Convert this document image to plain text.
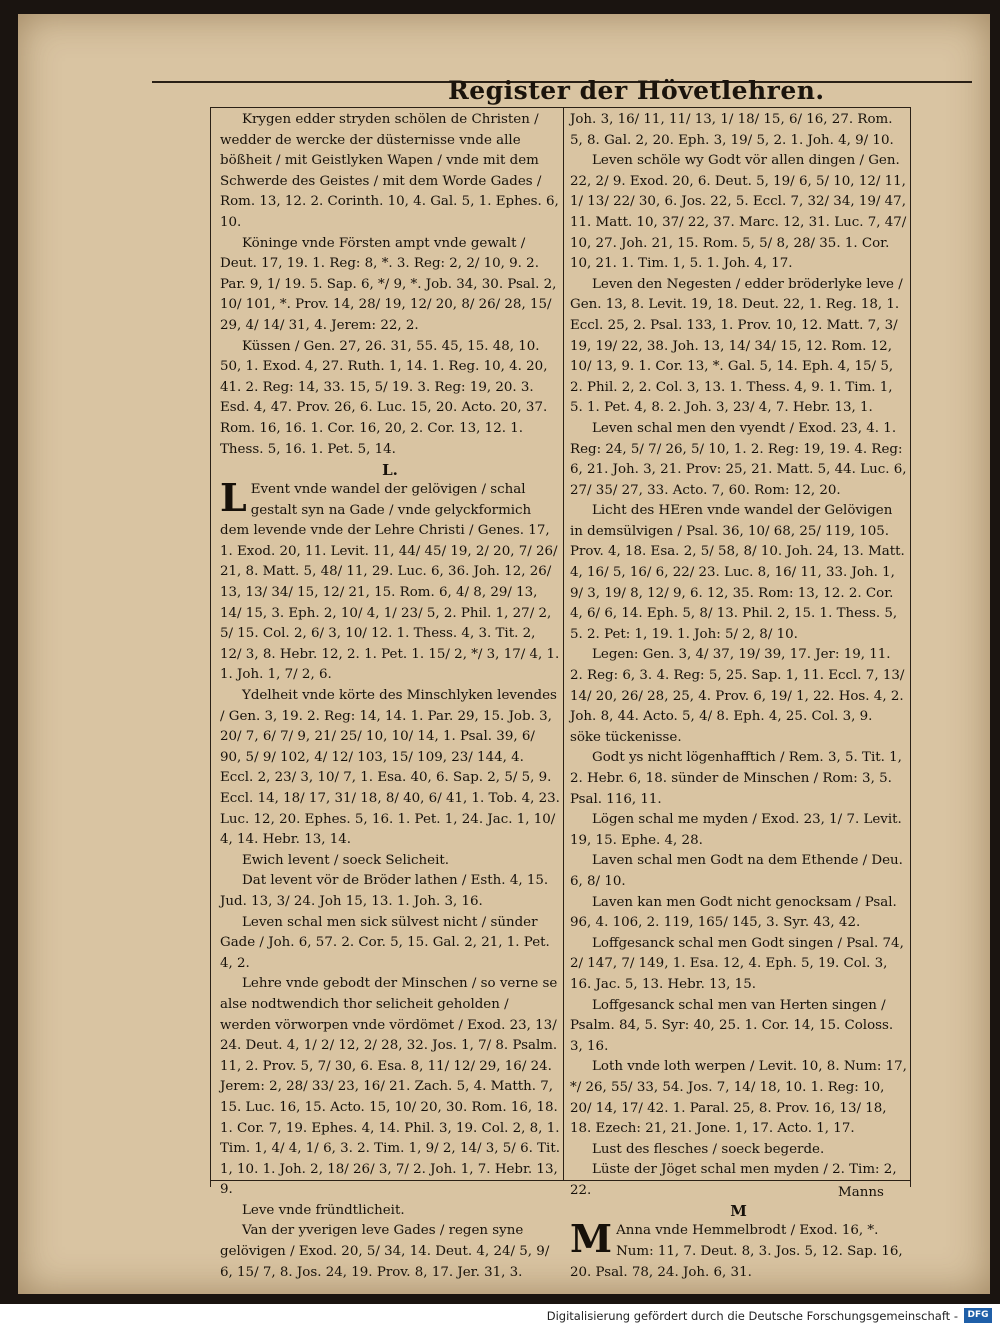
Register der Hövetlehren.

Krygen edder stryden schölen de Christen / wedder de wercke der düsternisse vnde alle bößheit / mit Geistlyken Wapen / vnde mit dem Schwerde des Geistes / mit dem Worde Gades / Rom. 13, 12. 2. Corinth. 10, 4. Gal. 5, 1. Ephes. 6, 10.

Köninge vnde Försten ampt vnde gewalt / Deut. 17, 19. 1. Reg: 8, *. 3. Reg: 2, 2/ 10, 9. 2. Par. 9, 1/ 19. 5. Sap. 6, */ 9, *. Job. 34, 30. Psal. 2, 10/ 101, *. Prov. 14, 28/ 19, 12/ 20, 8/ 26/ 28, 15/ 29, 4/ 14/ 31, 4. Jerem: 22, 2.

Küssen / Gen. 27, 26. 31, 55. 45, 15. 48, 10. 50, 1. Exod. 4, 27. Ruth. 1, 14. 1. Reg. 10, 4. 20, 41. 2. Reg: 14, 33. 15, 5/ 19. 3. Reg: 19, 20. 3. Esd. 4, 47. Prov. 26, 6. Luc. 15, 20. Acto. 20, 37. Rom. 16, 16. 1. Cor. 16, 20, 2. Cor. 13, 12. 1. Thess. 5, 16. 1. Pet. 5, 14.

L.

L Event vnde wandel der gelövigen / schal gestalt syn na Gade / vnde gelyckformich dem levende vnde der Lehre Christi / Genes. 17, 1. Exod. 20, 11. Levit. 11, 44/ 45/ 19, 2/ 20, 7/ 26/ 21, 8. Matt. 5, 48/ 11, 29. Luc. 6, 36. Joh. 12, 26/ 13, 13/ 34/ 15, 12/ 21, 15. Rom. 6, 4/ 8, 29/ 13, 14/ 15, 3. Eph. 2, 10/ 4, 1/ 23/ 5, 2. Phil. 1, 27/ 2, 5/ 15. Col. 2, 6/ 3, 10/ 12. 1. Thess. 4, 3. Tit. 2, 12/ 3, 8. Hebr. 12, 2. 1. Pet. 1. 15/ 2, */ 3, 17/ 4, 1. 1. Joh. 1, 7/ 2, 6.

Ydelheit vnde körte des Minschlyken levendes / Gen. 3, 19. 2. Reg: 14, 14. 1. Par. 29, 15. Job. 3, 20/ 7, 6/ 7/ 9, 21/ 25/ 10, 10/ 14, 1. Psal. 39, 6/ 90, 5/ 9/ 102, 4/ 12/ 103, 15/ 109, 23/ 144, 4. Eccl. 2, 23/ 3, 10/ 7, 1. Esa. 40, 6. Sap. 2, 5/ 5, 9. Eccl. 14, 18/ 17, 31/ 18, 8/ 40, 6/ 41, 1. Tob. 4, 23. Luc. 12, 20. Ephes. 5, 16. 1. Pet. 1, 24. Jac. 1, 10/ 4, 14. Hebr. 13, 14.

Ewich levent / soeck Selicheit.

Dat levent vör de Bröder lathen / Esth. 4, 15. Jud. 13, 3/ 24. Joh 15, 13. 1. Joh. 3, 16.

Leven schal men sick sülvest nicht / sünder Gade / Joh. 6, 57. 2. Cor. 5, 15. Gal. 2, 21, 1. Pet. 4, 2.

Lehre vnde gebodt der Minschen / so verne se alse nodtwendich thor selicheit geholden / werden vörworpen vnde vördömet / Exod. 23, 13/ 24. Deut. 4, 1/ 2/ 12, 2/ 28, 32. Jos. 1, 7/ 8. Psalm. 11, 2. Prov. 5, 7/ 30, 6. Esa. 8, 11/ 12/ 29, 16/ 24. Jerem: 2, 28/ 33/ 23, 16/ 21. Zach. 5, 4. Matth. 7, 15. Luc. 16, 15. Acto. 15, 10/ 20, 30. Rom. 16, 18. 1. Cor. 7, 19. Ephes. 4, 14. Phil. 3, 19. Col. 2, 8, 1. Tim. 1, 4/ 4, 1/ 6, 3. 2. Tim. 1, 9/ 2, 14/ 3, 5/ 6. Tit. 1, 10. 1. Joh. 2, 18/ 26/ 3, 7/ 2. Joh. 1, 7. Hebr. 13, 9.

Leve vnde fründtlicheit.

Van der yverigen leve Gades / regen syne gelövigen / Exod. 20, 5/ 34, 14. Deut. 4, 24/ 5, 9/ 6, 15/ 7, 8. Jos. 24, 19. Prov. 8, 17. Jer. 31, 3.

Joh. 3, 16/ 11, 11/ 13, 1/ 18/ 15, 6/ 16, 27. Rom. 5, 8. Gal. 2, 20. Eph. 3, 19/ 5, 2. 1. Joh. 4, 9/ 10.

Leven schöle wy Godt vör allen dingen / Gen. 22, 2/ 9. Exod. 20, 6. Deut. 5, 19/ 6, 5/ 10, 12/ 11, 1/ 13/ 22/ 30, 6. Jos. 22, 5. Eccl. 7, 32/ 34, 19/ 47, 11. Matt. 10, 37/ 22, 37. Marc. 12, 31. Luc. 7, 47/ 10, 27. Joh. 21, 15. Rom. 5, 5/ 8, 28/ 35. 1. Cor. 10, 21. 1. Tim. 1, 5. 1. Joh. 4, 17.

Leven den Negesten / edder bröderlyke leve / Gen. 13, 8. Levit. 19, 18. Deut. 22, 1. Reg. 18, 1. Eccl. 25, 2. Psal. 133, 1. Prov. 10, 12. Matt. 7, 3/ 19, 19/ 22, 38. Joh. 13, 14/ 34/ 15, 12. Rom. 12, 10/ 13, 9. 1. Cor. 13, *. Gal. 5, 14. Eph. 4, 15/ 5, 2. Phil. 2, 2. Col. 3, 13. 1. Thess. 4, 9. 1. Tim. 1, 5. 1. Pet. 4, 8. 2. Joh. 3, 23/ 4, 7. Hebr. 13, 1.

Leven schal men den vyendt / Exod. 23, 4. 1. Reg: 24, 5/ 7/ 26, 5/ 10, 1. 2. Reg: 19, 19. 4. Reg: 6, 21. Joh. 3, 21. Prov: 25, 21. Matt. 5, 44. Luc. 6, 27/ 35/ 27, 33. Acto. 7, 60. Rom: 12, 20.

Licht des HEren vnde wandel der Gelövigen in demsülvigen / Psal. 36, 10/ 68, 25/ 119, 105. Prov. 4, 18. Esa. 2, 5/ 58, 8/ 10. Joh. 24, 13. Matt. 4, 16/ 5, 16/ 6, 22/ 23. Luc. 8, 16/ 11, 33. Joh. 1, 9/ 3, 19/ 8, 12/ 9, 6. 12, 35. Rom: 13, 12. 2. Cor. 4, 6/ 6, 14. Eph. 5, 8/ 13. Phil. 2, 15. 1. Thess. 5, 5. 2. Pet: 1, 19. 1. Joh: 5/ 2, 8/ 10.

Legen: Gen. 3, 4/ 37, 19/ 39, 17. Jer: 19, 11. 2. Reg: 6, 3. 4. Reg: 5, 25. Sap. 1, 11. Eccl. 7, 13/ 14/ 20, 26/ 28, 25, 4. Prov. 6, 19/ 1, 22. Hos. 4, 2. Joh. 8, 44. Acto. 5, 4/ 8. Eph. 4, 25. Col. 3, 9. söke tückenisse.

Godt ys nicht lögenhafftich / Rem. 3, 5. Tit. 1, 2. Hebr. 6, 18. sünder de Minschen / Rom: 3, 5. Psal. 116, 11.

Lögen schal me myden / Exod. 23, 1/ 7. Levit. 19, 15. Ephe. 4, 28.

Laven schal men Godt na dem Ethende / Deu. 6, 8/ 10.

Laven kan men Godt nicht genocksam / Psal. 96, 4. 106, 2. 119, 165/ 145, 3. Syr. 43, 42.

Loffgesanck schal men Godt singen / Psal. 74, 2/ 147, 7/ 149, 1. Esa. 12, 4. Eph. 5, 19. Col. 3, 16. Jac. 5, 13. Hebr. 13, 15.

Loffgesanck schal men van Herten singen / Psalm. 84, 5. Syr: 40, 25. 1. Cor. 14, 15. Coloss. 3, 16.

Loth vnde loth werpen / Levit. 10, 8. Num: 17, */ 26, 55/ 33, 54. Jos. 7, 14/ 18, 10. 1. Reg: 10, 20/ 14, 17/ 42. 1. Paral. 25, 8. Prov. 16, 13/ 18, 18. Ezech: 21, 21. Jone. 1, 17. Acto. 1, 17.

Lust des flesches / soeck begerde.

Lüste der Jöget schal men myden / 2. Tim: 2, 22.

M

M Anna vnde Hemmelbrodt / Exod. 16, *. Num: 11, 7. Deut. 8, 3. Jos. 5, 12. Sap. 16, 20. Psal. 78, 24. Joh. 6, 31.

Manns
Digitalisierung gefördert durch die Deutsche Forschungsgemeinschaft -	DFG
